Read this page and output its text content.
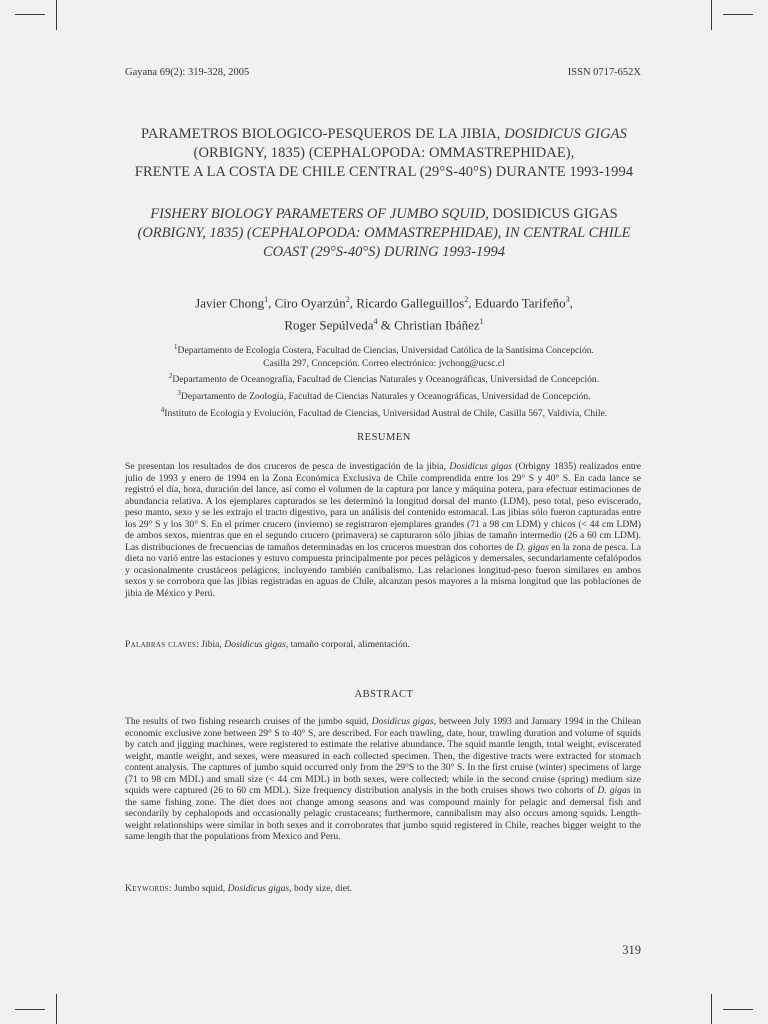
Gayana 69(2): 319-328, 2005	ISSN 0717-652X
PARAMETROS BIOLOGICO-PESQUEROS DE LA JIBIA, DOSIDICUS GIGAS
(ORBIGNY, 1835) (CEPHALOPODA: OMMASTREPHIDAE),
FRENTE A LA COSTA DE CHILE CENTRAL (29°S-40°S) DURANTE 1993-1994
FISHERY BIOLOGY PARAMETERS OF JUMBO SQUID, DOSIDICUS GIGAS
(ORBIGNY, 1835) (CEPHALOPODA: OMMASTREPHIDAE), IN CENTRAL CHILE
COAST (29°S-40°S) DURING 1993-1994
Javier Chong$^1$, Ciro Oyarzún$^2$, Ricardo Galleguillos$^2$, Eduardo Tarifeño$^3$,
Roger Sepúlveda$^4$ & Christian Ibáñez$^1$
$^1$Departamento de Ecología Costera, Facultad de Ciencias, Universidad Católica de la Santísima Concepción.
Casilla 297, Concepción. Correo electrónico: jvchong@ucsc.cl
$^2$Departamento de Oceanografía, Facultad de Ciencias Naturales y Oceanográficas, Universidad de Concepción.
$^3$Departamento de Zoología, Facultad de Ciencias Naturales y Oceanográficas, Universidad de Concepción.
$^4$Instituto de Ecología y Evolución, Facultad de Ciencias, Universidad Austral de Chile, Casilla 567, Valdivia, Chile.
RESUMEN

Se presentan los resultados de dos cruceros de pesca de investigación de la jibia, Dosidicus gigas (Orbigny 1835) realizados entre julio de 1993 y enero de 1994 en la Zona Económica Exclusiva de Chile comprendida entre los 29° S y 40° S. En cada lance se registró el día, hora, duración del lance, así como el volumen de la captura por lance y máquina potera, para efectuar estimaciones de abundancia relativa. A los ejemplares capturados se les determinó la longitud dorsal del manto (LDM), peso total, peso eviscerado, peso manto, sexo y se les extrajo el tracto digestivo, para un análisis del contenido estomacal. Las jibias sólo fueron capturadas entre los 29° S y los 30° S. En el primer crucero (invierno) se registraron ejemplares grandes (71 a 98 cm LDM) y chicos (< 44 cm LDM) de ambos sexos, mientras que en el segundo crucero (primavera) se capturaron sólo jibias de tamaño intermedio (26 a 60 cm LDM). Las distribuciones de frecuencias de tamaños determinadas en los cruceros muestran dos cohortes de D. gigas en la zona de pesca. La dieta no varió entre las estaciones y estuvo compuesta principalmente por peces pelágicos y demersales, secundariamente cefalópodos y ocasionalmente crustáceos pelágicos, incluyendo también canibalismo. Las relaciones longitud-peso fueron similares en ambos sexos y se corrobora que las jibias registradas en aguas de Chile, alcanzan pesos mayores a la misma longitud que las poblaciones de jibia de México y Perú.

Palabras claves: Jibia, Dosidicus gigas, tamaño corporal, alimentación.
ABSTRACT

The results of two fishing research cruises of the jumbo squid, Dosidicus gigas, between July 1993 and January 1994 in the Chilean economic exclusive zone between 29° S to 40° S, are described. For each trawling, date, hour, trawling duration and volume of squids by catch and jigging machines, were registered to estimate the relative abundance. The squid mantle length, total weight, eviscerated weight, mantle weight, and sexes, were measured in each collected specimen. Then, the digestive tracts were extracted for stomach content analysis. The captures of jumbo squid occurred only from the 29°S to the 30° S. In the first cruise (winter) specimens of large (71 to 98 cm MDL) and small size (< 44 cm MDL) in both sexes, were collected; while in the second cruise (spring) medium size squids were captured (26 to 60 cm MDL). Size frequency distribution analysis in the both cruises shows two cohorts of D. gigas in the same fishing zone. The diet does not change among seasons and was compound mainly for pelagic and demersal fish and secondarily by cephalopods and occasionally pelagic crustaceans; furthermore, cannibalism may also occurs among squids. Length-weight relationships were similar in both sexes and it corroborates that jumbo squid registered in Chile, reaches bigger weight to the same length that the populations from Mexico and Peru.

Keywords: Jumbo squid, Dosidicus gigas, body size, diet.
319
